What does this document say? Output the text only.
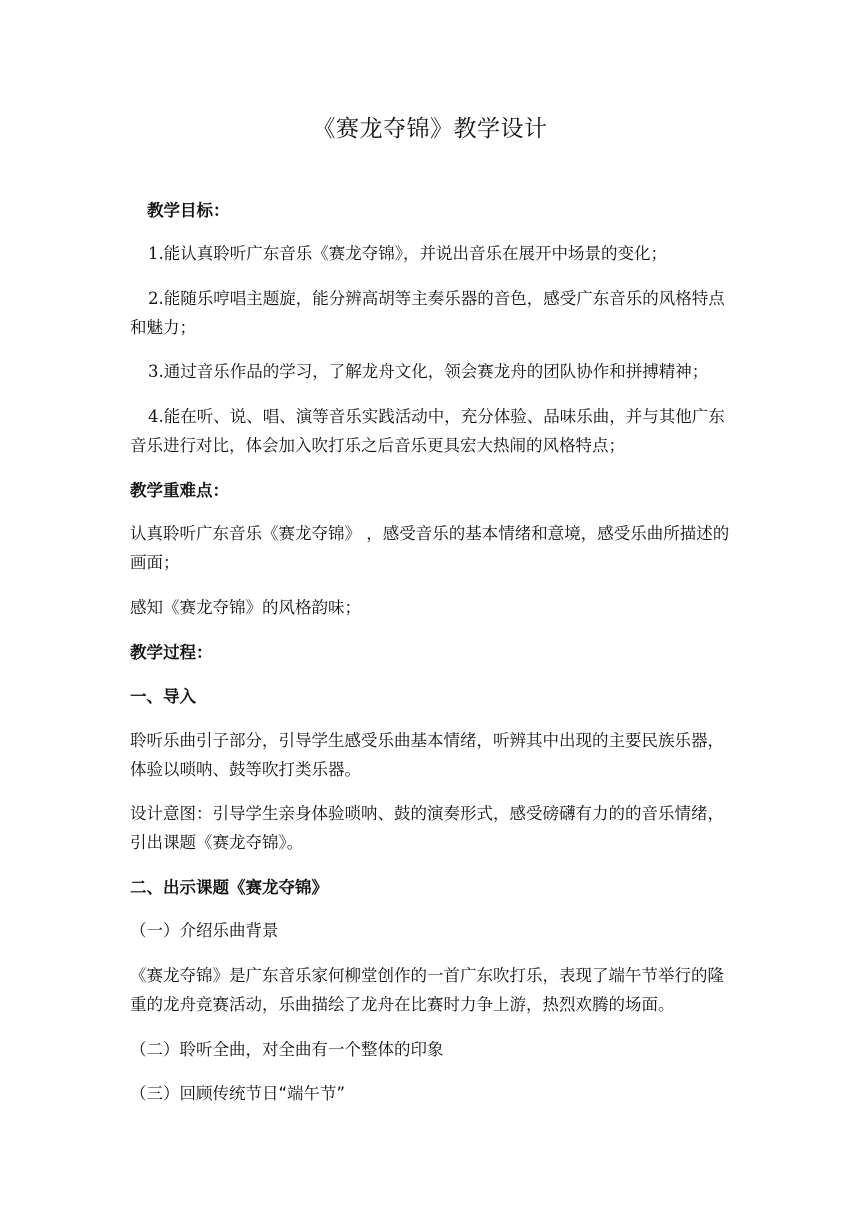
《赛龙夺锦》教学设计

教学目标：

1.能认真聆听广东音乐《赛龙夺锦》，并说出音乐在展开中场景的变化；

2.能随乐哼唱主题旋，能分辨高胡等主奏乐器的音色，感受广东音乐的风格特点和魅力；

3.通过音乐作品的学习，了解龙舟文化，领会赛龙舟的团队协作和拼搏精神；

4.能在听、说、唱、演等音乐实践活动中，充分体验、品味乐曲，并与其他广东音乐进行对比，体会加入吹打乐之后音乐更具宏大热闹的风格特点；

教学重难点：

认真聆听广东音乐《赛龙夺锦》 ，感受音乐的基本情绪和意境，感受乐曲所描述的画面；

感知《赛龙夺锦》的风格韵味；

教学过程：

一、导入

聆听乐曲引子部分，引导学生感受乐曲基本情绪，听辨其中出现的主要民族乐器，体验以唢呐、鼓等吹打类乐器。

设计意图：引导学生亲身体验唢呐、鼓的演奏形式，感受磅礴有力的的音乐情绪，引出课题《赛龙夺锦》。

二、出示课题《赛龙夺锦》

（一）介绍乐曲背景

《赛龙夺锦》是广东音乐家何柳堂创作的一首广东吹打乐，表现了端午节举行的隆重的龙舟竞赛活动，乐曲描绘了龙舟在比赛时力争上游，热烈欢腾的场面。

（二）聆听全曲，对全曲有一个整体的印象

（三）回顾传统节日“端午节”
